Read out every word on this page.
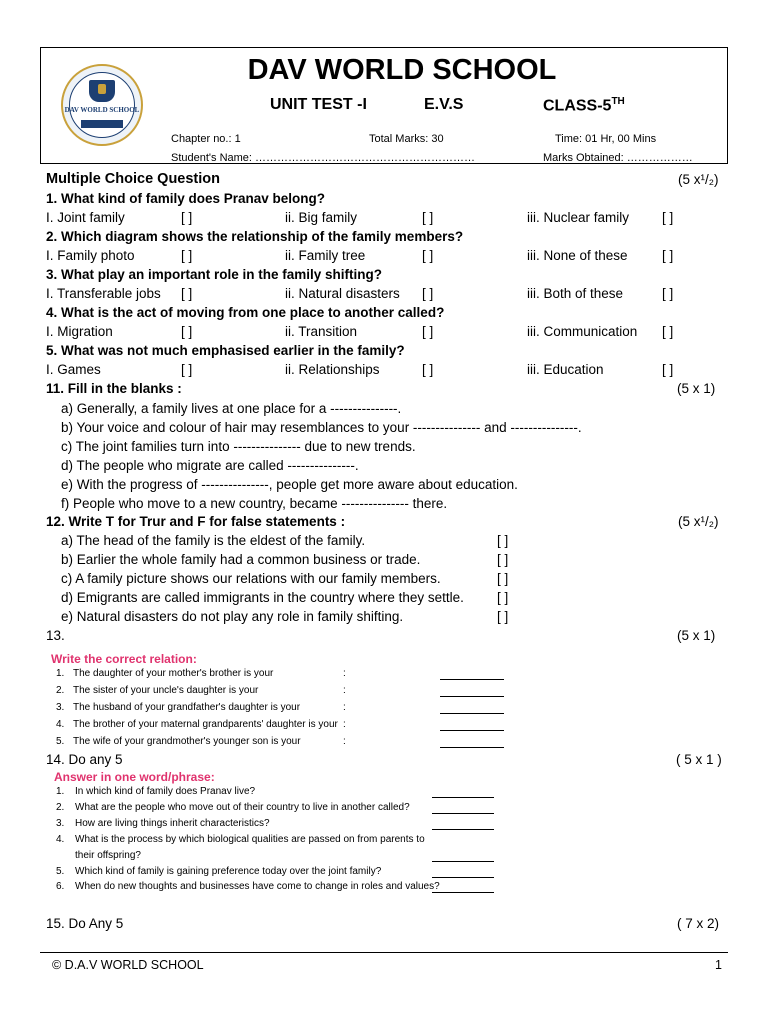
DAV WORLD SCHOOL
DAV WORLD SCHOOL
UNIT TEST -I	E.V.S	CLASS-5TH
Chapter no.: 1	Total Marks: 30	Time: 01 Hr, 00 Mins
Student's Name: ……………………………………………………	Marks Obtained: ………………
Multiple Choice Question	(5 x¹/₂)
1. What kind of family does Pranav belong?
I. Joint family	[ ]	ii. Big family	[ ]	iii. Nuclear family [ ]
2. Which diagram shows the relationship of the family members?
I. Family photo	[ ]	ii. Family tree	[ ]	iii. None of these	[ ]
3. What play an important role in the family shifting?
I. Transferable jobs [ ]	ii. Natural disasters [ ]	iii. Both of these	[ ]
4. What is the act of moving from one place to another called?
I. Migration	[ ]	ii. Transition	[ ]	iii. Communication [ ]
5. What was not much emphasised earlier in the family?
I. Games	[ ]	ii. Relationships	[ ]	iii. Education	[ ]
11. Fill in the blanks :	(5 x 1)
a) Generally, a family lives at one place for a ---------------.
b) Your voice and colour of hair may resemblances to your --------------- and ---------------.
c) The joint families turn into --------------- due to new trends.
d) The people who migrate are called ---------------.
e) With the progress of ---------------, people get more aware about education.
f) People who move to a new country, became --------------- there.
12. Write T for Trur and F for false statements :	(5 x¹/₂)
a) The head of the family is the eldest of the family.	[ ]
b) Earlier the whole family had a common business or trade.	[ ]
c) A family picture shows our relations with our family members.	[ ]
d) Emigrants are called immigrants in the country where they settle. [ ]
e) Natural disasters do not play any role in family shifting.	[ ]
13.	(5 x 1)
Write the correct relation:
1. The daughter of your mother's brother is your	:
2. The sister of your uncle's daughter is your	:
3. The husband of your grandfather's daughter is your	:
4. The brother of your maternal grandparents' daughter is your :
5. The wife of your grandmother's younger son is your	:
14. Do any 5	( 5 x 1 )
Answer in one word/phrase:
1. In which kind of family does Pranav live?
2. What are the people who move out of their country to live in another called?
3. How are living things inherit characteristics?
4. What is the process by which biological qualities are passed on from parents to
their offspring?
5. Which kind of family is gaining preference today over the joint family?
6. When do new thoughts and businesses have come to change in roles and values?
15. Do Any 5	( 7 x 2)
© D.A.V WORLD SCHOOL	1
